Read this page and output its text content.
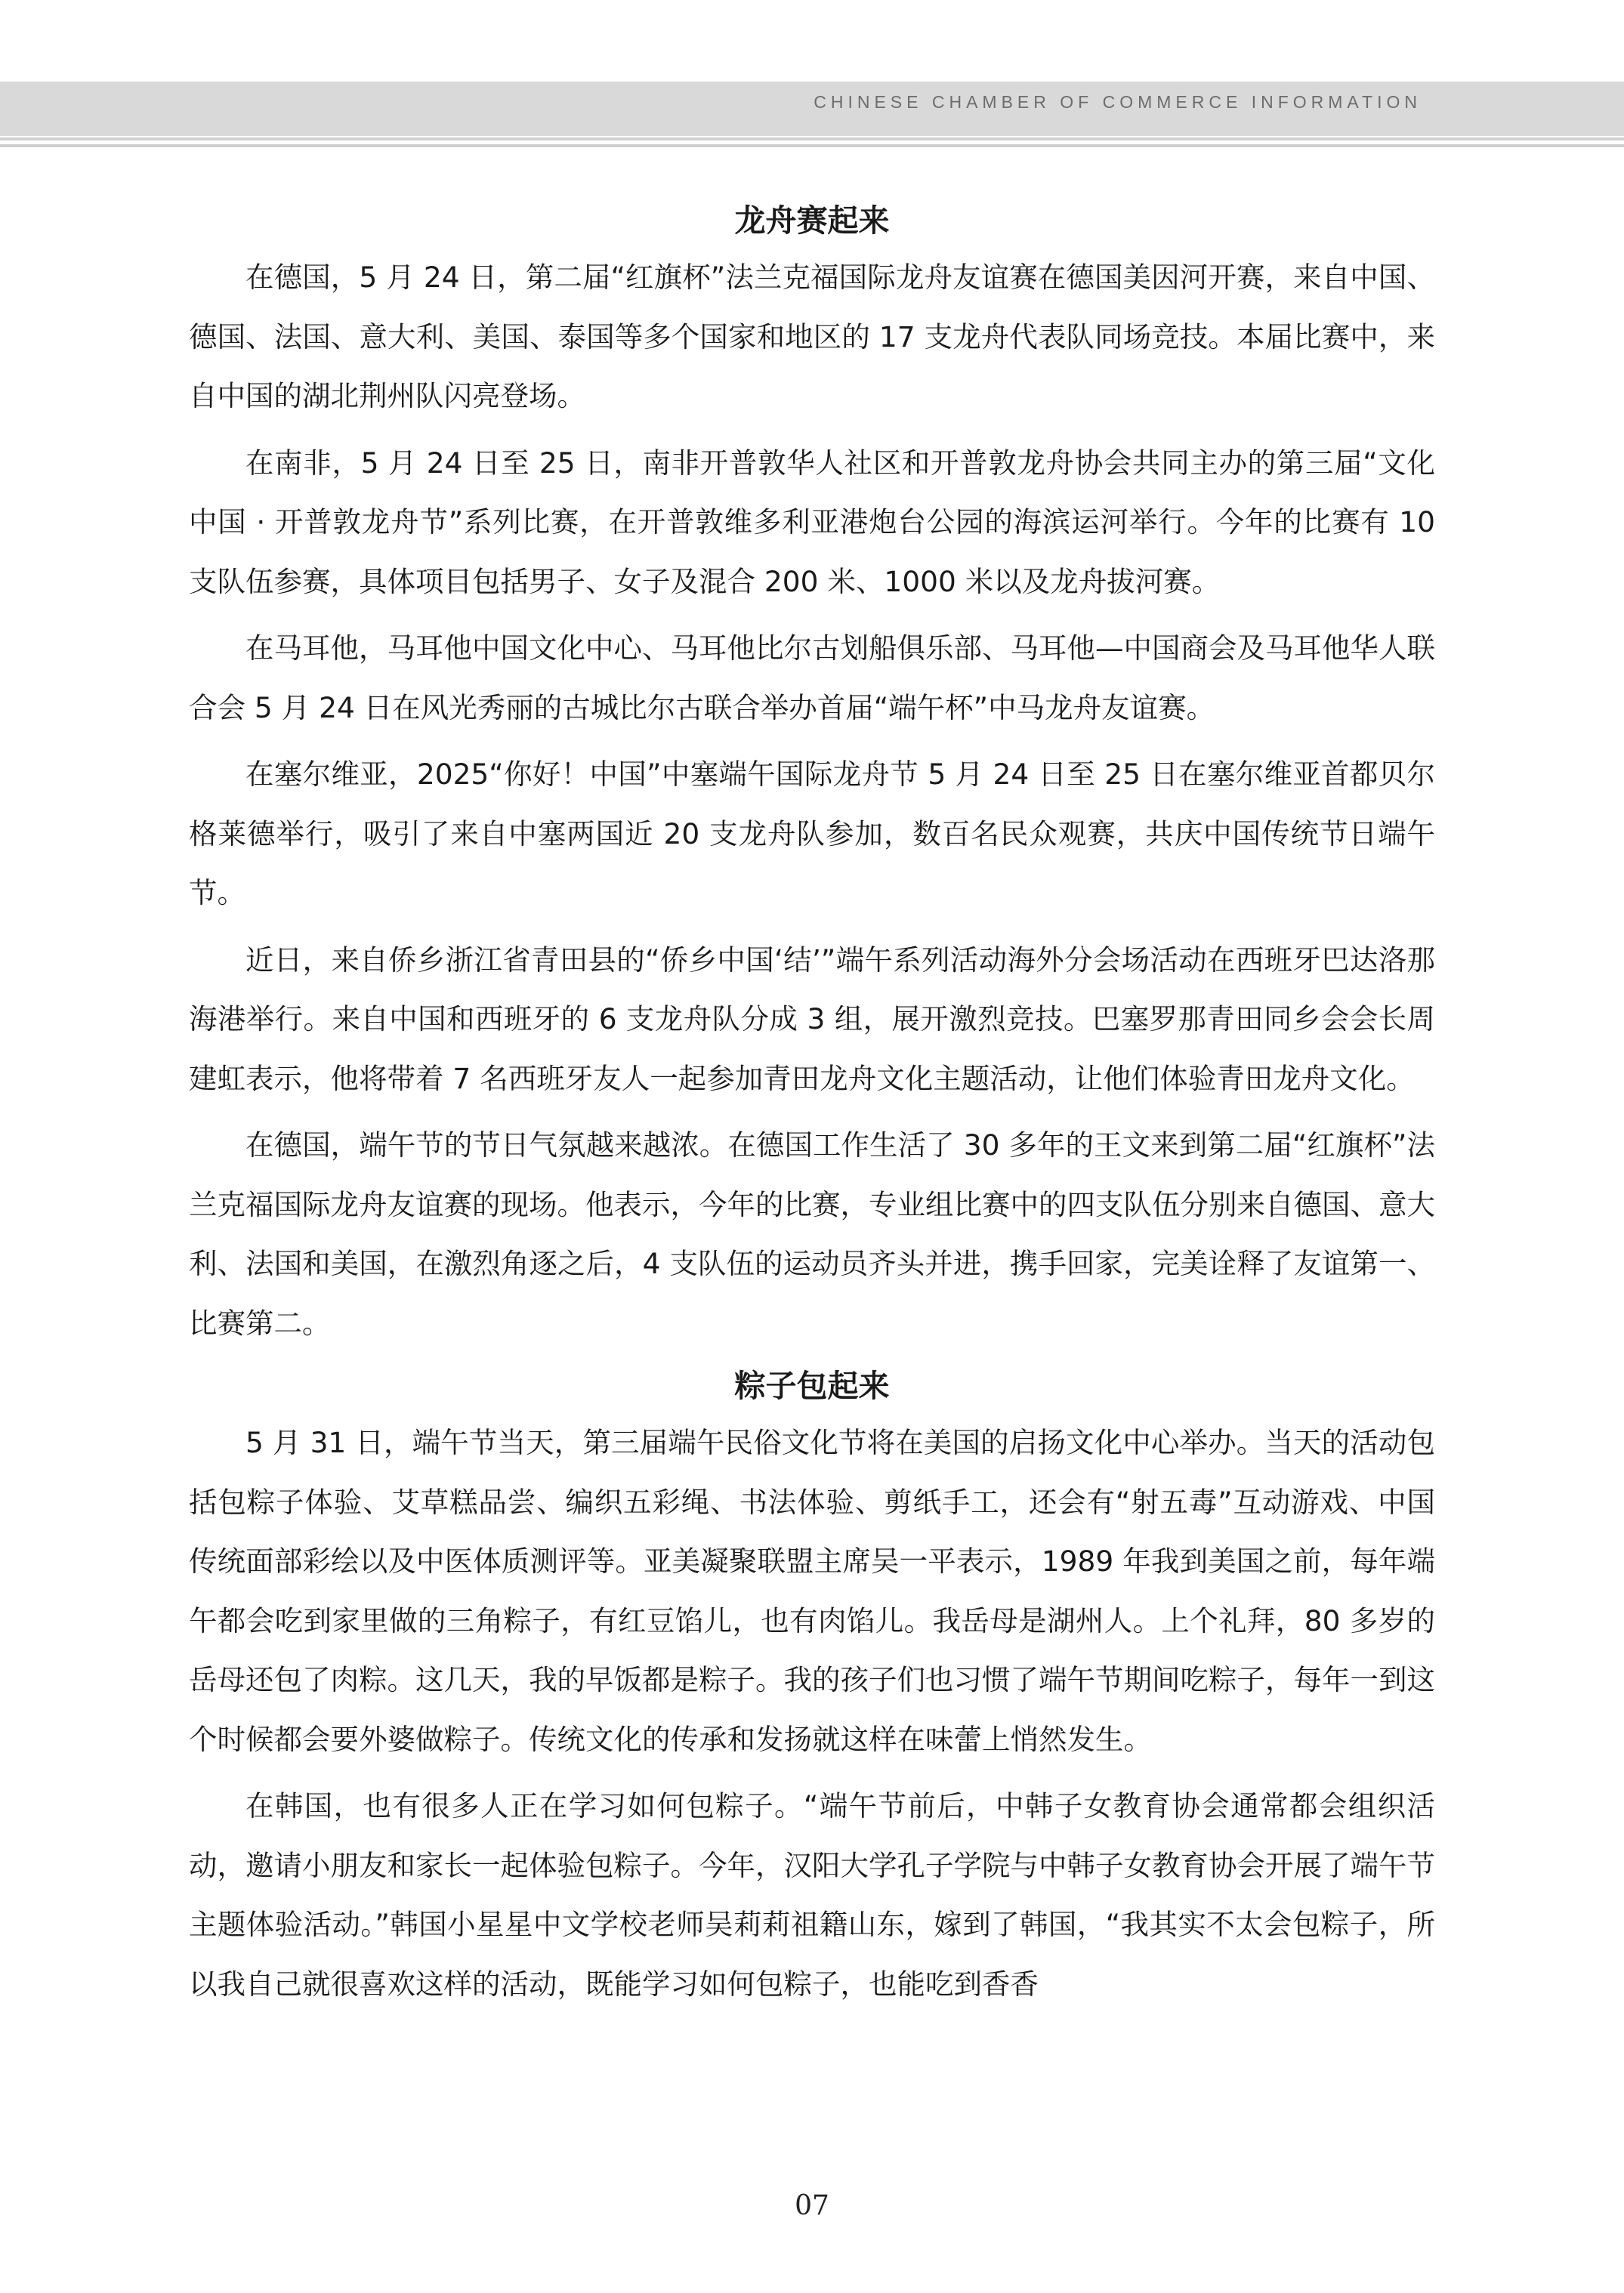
CHINESE CHAMBER OF COMMERCE INFORMATION
龙舟赛起来

在德国，5 月 24 日，第二届“红旗杯”法兰克福国际龙舟友谊赛在德国美因河开赛，来自中国、德国、法国、意大利、美国、泰国等多个国家和地区的 17 支龙舟代表队同场竞技。本届比赛中，来自中国的湖北荆州队闪亮登场。

在南非，5 月 24 日至 25 日，南非开普敦华人社区和开普敦龙舟协会共同主办的第三届“文化中国 · 开普敦龙舟节”系列比赛，在开普敦维多利亚港炮台公园的海滨运河举行。今年的比赛有 10 支队伍参赛，具体项目包括男子、女子及混合 200 米、1000 米以及龙舟拔河赛。

在马耳他，马耳他中国文化中心、马耳他比尔古划船俱乐部、马耳他—中国商会及马耳他华人联合会 5 月 24 日在风光秀丽的古城比尔古联合举办首届“端午杯”中马龙舟友谊赛。

在塞尔维亚，2025“你好！中国”中塞端午国际龙舟节 5 月 24 日至 25 日在塞尔维亚首都贝尔格莱德举行，吸引了来自中塞两国近 20 支龙舟队参加，数百名民众观赛，共庆中国传统节日端午节。

近日，来自侨乡浙江省青田县的“侨乡中国‘结’”端午系列活动海外分会场活动在西班牙巴达洛那海港举行。来自中国和西班牙的 6 支龙舟队分成 3 组，展开激烈竞技。巴塞罗那青田同乡会会长周建虹表示，他将带着 7 名西班牙友人一起参加青田龙舟文化主题活动，让他们体验青田龙舟文化。

在德国，端午节的节日气氛越来越浓。在德国工作生活了 30 多年的王文来到第二届“红旗杯”法兰克福国际龙舟友谊赛的现场。他表示，今年的比赛，专业组比赛中的四支队伍分别来自德国、意大利、法国和美国，在激烈角逐之后，4 支队伍的运动员齐头并进，携手回家，完美诠释了友谊第一、比赛第二。

粽子包起来

5 月 31 日，端午节当天，第三届端午民俗文化节将在美国的启扬文化中心举办。当天的活动包括包粽子体验、艾草糕品尝、编织五彩绳、书法体验、剪纸手工，还会有“射五毒”互动游戏、中国传统面部彩绘以及中医体质测评等。亚美凝聚联盟主席吴一平表示，1989 年我到美国之前，每年端午都会吃到家里做的三角粽子，有红豆馅儿，也有肉馅儿。我岳母是湖州人。上个礼拜，80 多岁的岳母还包了肉粽。这几天，我的早饭都是粽子。我的孩子们也习惯了端午节期间吃粽子，每年一到这个时候都会要外婆做粽子。传统文化的传承和发扬就这样在味蕾上悄然发生。

在韩国，也有很多人正在学习如何包粽子。“端午节前后，中韩子女教育协会通常都会组织活动，邀请小朋友和家长一起体验包粽子。今年，汉阳大学孔子学院与中韩子女教育协会开展了端午节主题体验活动。”韩国小星星中文学校老师吴莉莉祖籍山东，嫁到了韩国，“我其实不太会包粽子，所以我自己就很喜欢这样的活动，既能学习如何包粽子，也能吃到香香

07
